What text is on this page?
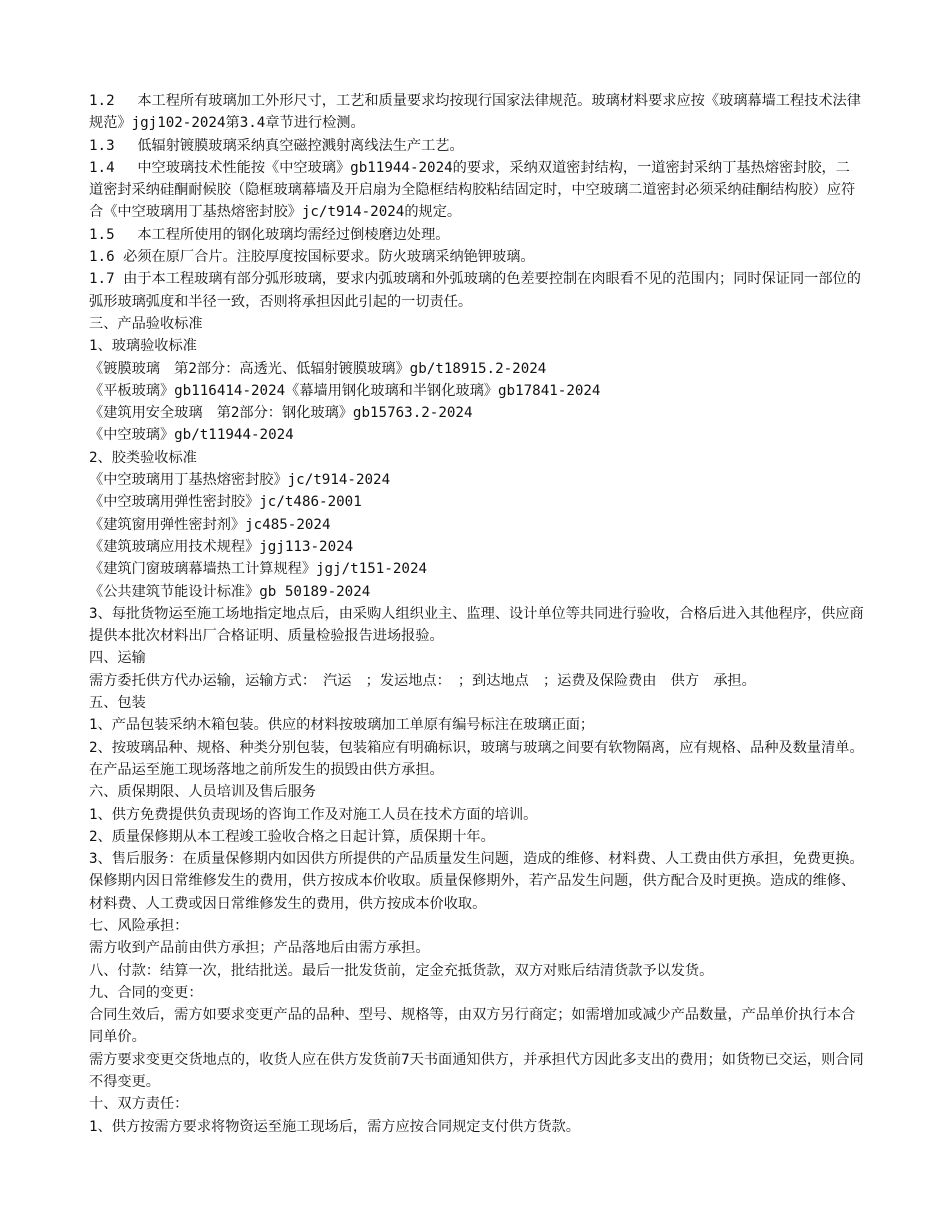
1.2　 本工程所有玻璃加工外形尺寸，工艺和质量要求均按现行国家法律规范。玻璃材料要求应按《玻璃幕墙工程技术法律规范》jgj102-2024第3.4章节进行检测。

1.3　 低辐射镀膜玻璃采纳真空磁控溅射离线法生产工艺。

1.4　 中空玻璃技术性能按《中空玻璃》gb11944-2024的要求，采纳双道密封结构，一道密封采纳丁基热熔密封胶，二道密封采纳硅酮耐候胶（隐框玻璃幕墙及开启扇为全隐框结构胶粘结固定时，中空玻璃二道密封必须采纳硅酮结构胶）应符合《中空玻璃用丁基热熔密封胶》jc/t914-2024的规定。

1.5　 本工程所使用的钢化玻璃均需经过倒棱磨边处理。

1.6 必须在原厂合片。注胶厚度按国标要求。防火玻璃采纳铯钾玻璃。

1.7 由于本工程玻璃有部分弧形玻璃，要求内弧玻璃和外弧玻璃的色差要控制在肉眼看不见的范围内；同时保证同一部位的弧形玻璃弧度和半径一致，否则将承担因此引起的一切责任。

三、产品验收标准

1、玻璃验收标准

《镀膜玻璃　第2部分：高透光、低辐射镀膜玻璃》gb/t18915.2-2024

《平板玻璃》gb116414-2024《幕墙用钢化玻璃和半钢化玻璃》gb17841-2024

《建筑用安全玻璃　第2部分：钢化玻璃》gb15763.2-2024

《中空玻璃》gb/t11944-2024

2、胶类验收标准

《中空玻璃用丁基热熔密封胶》jc/t914-2024

《中空玻璃用弹性密封胶》jc/t486-2001

《建筑窗用弹性密封剂》jc485-2024

《建筑玻璃应用技术规程》jgj113-2024

《建筑门窗玻璃幕墙热工计算规程》jgj/t151-2024

《公共建筑节能设计标准》gb 50189-2024

3、每批货物运至施工场地指定地点后，由采购人组织业主、监理、设计单位等共同进行验收，合格后进入其他程序，供应商提供本批次材料出厂合格证明、质量检验报告进场报验。

四、运输

需方委托供方代办运输，运输方式：　汽运　；发运地点：　；到达地点　；运费及保险费由　供方　承担。

五、包装

1、产品包装采纳木箱包装。供应的材料按玻璃加工单原有编号标注在玻璃正面；

2、按玻璃品种、规格、种类分别包装，包装箱应有明确标识，玻璃与玻璃之间要有软物隔离，应有规格、品种及数量清单。在产品运至施工现场落地之前所发生的损毁由供方承担。

六、质保期限、人员培训及售后服务

1、供方免费提供负责现场的咨询工作及对施工人员在技术方面的培训。

2、质量保修期从本工程竣工验收合格之日起计算，质保期十年。

3、售后服务：在质量保修期内如因供方所提供的产品质量发生问题，造成的维修、材料费、人工费由供方承担，免费更换。保修期内因日常维修发生的费用，供方按成本价收取。质量保修期外，若产品发生问题，供方配合及时更换。造成的维修、材料费、人工费或因日常维修发生的费用，供方按成本价收取。

七、风险承担：

需方收到产品前由供方承担；产品落地后由需方承担。

八、付款：结算一次，批结批送。最后一批发货前，定金充抵货款，双方对账后结清货款予以发货。

九、合同的变更：

合同生效后，需方如要求变更产品的品种、型号、规格等，由双方另行商定；如需增加或减少产品数量，产品单价执行本合同单价。

需方要求变更交货地点的，收货人应在供方发货前7天书面通知供方，并承担代方因此多支出的费用；如货物已交运，则合同不得变更。

十、双方责任：

1、供方按需方要求将物资运至施工现场后，需方应按合同规定支付供方货款。
